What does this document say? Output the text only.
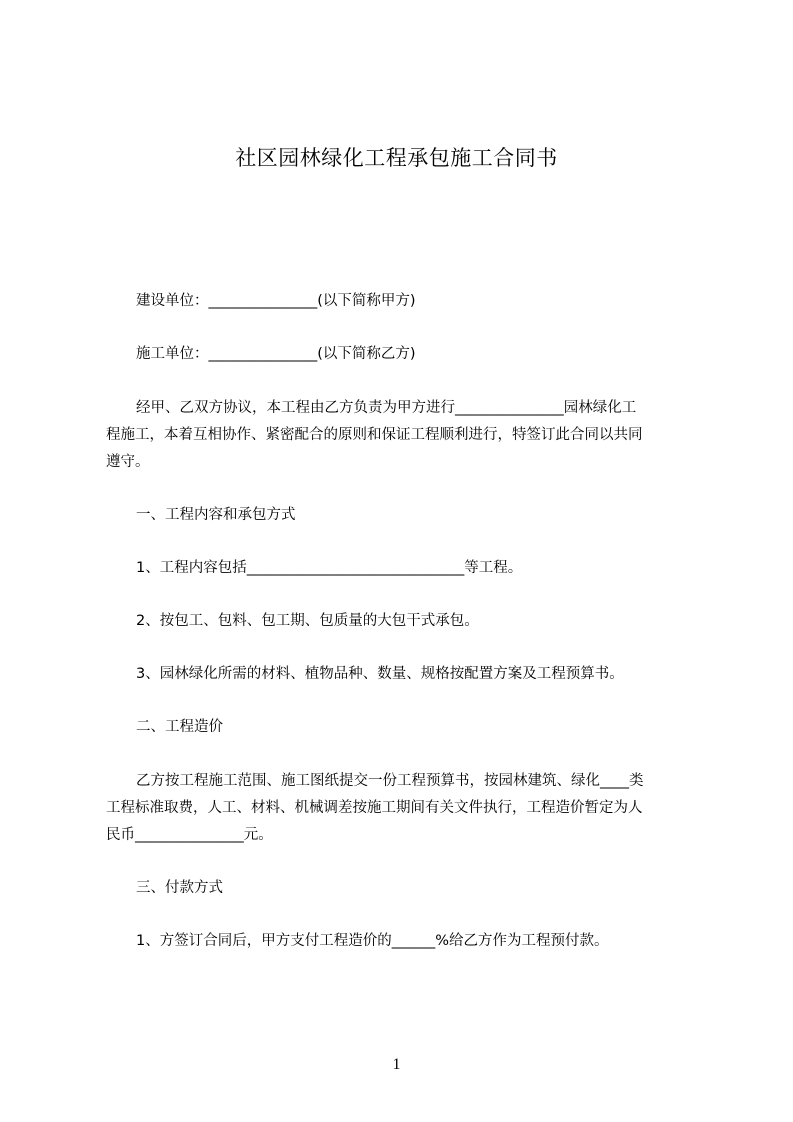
社区园林绿化工程承包施工合同书
建设单位：_______________(以下简称甲方)
施工单位：_______________(以下简称乙方)
经甲、乙双方协议，本工程由乙方负责为甲方进行_______________园林绿化工
程施工，本着互相协作、紧密配合的原则和保证工程顺利进行，特签订此合同以共同
遵守。
一、工程内容和承包方式
1、工程内容包括______________________________等工程。
2、按包工、包料、包工期、包质量的大包干式承包。
3、园林绿化所需的材料、植物品种、数量、规格按配置方案及工程预算书。
二、工程造价
乙方按工程施工范围、施工图纸提交一份工程预算书，按园林建筑、绿化____类
工程标准取费，人工、材料、机械调差按施工期间有关文件执行，工程造价暂定为人
民币_______________元。
三、付款方式
1、方签订合同后，甲方支付工程造价的______%给乙方作为工程预付款。
1
